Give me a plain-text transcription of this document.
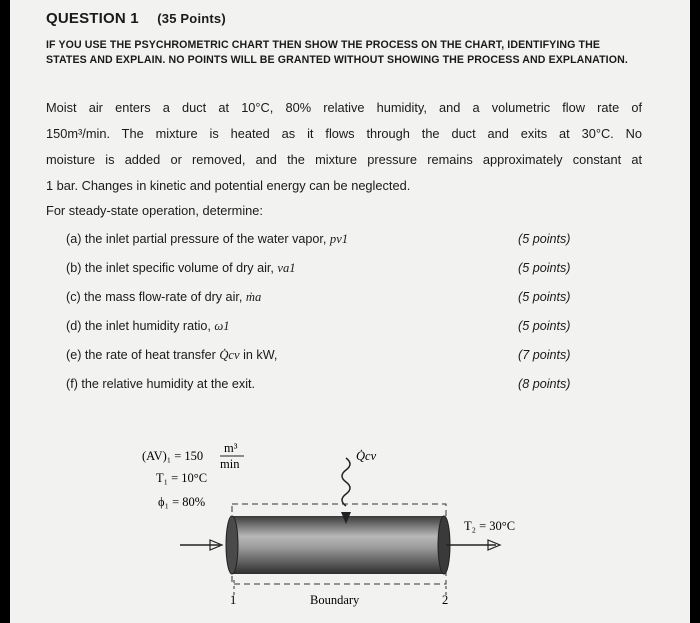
QUESTION 1 (35 Points)
IF YOU USE THE PSYCHROMETRIC CHART THEN SHOW THE PROCESS ON THE CHART, IDENTIFYING THE STATES AND EXPLAIN. NO POINTS WILL BE GRANTED WITHOUT SHOWING THE PROCESS AND EXPLANATION.
Moist air enters a duct at 10°C, 80% relative humidity, and a volumetric flow rate of
150m³/min. The mixture is heated as it flows through the duct and exits at 30°C. No
moisture is added or removed, and the mixture pressure remains approximately constant at
1 bar. Changes in kinetic and potential energy can be neglected.
For steady-state operation, determine:
(a) the inlet partial pressure of the water vapor, pv1	(5 points)
(b) the inlet specific volume of dry air, va1	(5 points)
(c) the mass flow-rate of dry air, ṁa	(5 points)
(d) the inlet humidity ratio, ω1	(5 points)
(e) the rate of heat transfer Q̇cv in kW,	(7 points)
(f) the relative humidity at the exit.	(8 points)
(AV)₁ = 150
m³
min
T₁ = 10°C
ϕ₁ = 80%
T₂ = 30°C
Q̇cv
Boundary
1	2
